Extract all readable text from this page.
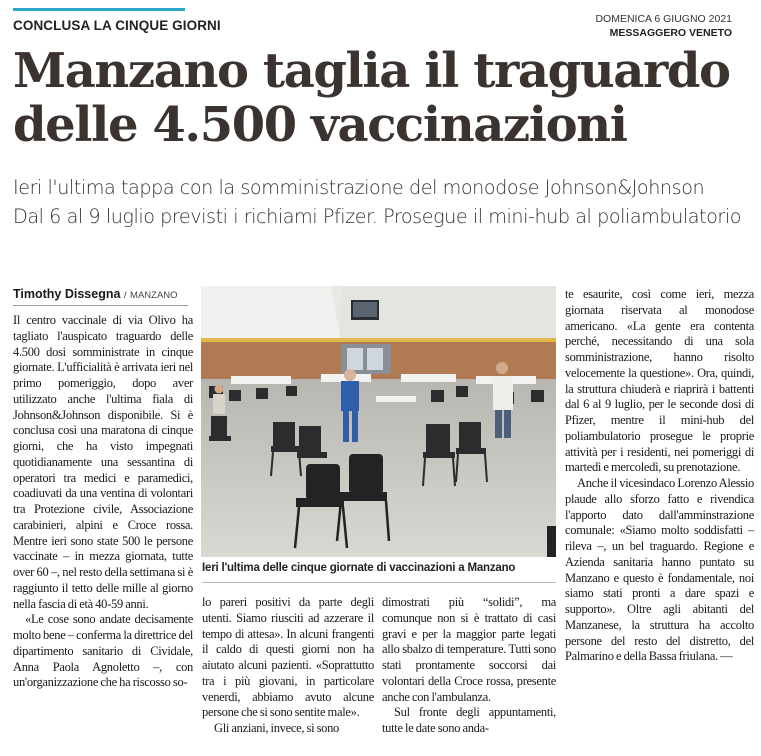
CONCLUSA LA CINQUE GIORNI	DOMENICA 6 GIUGNO 2021
MESSAGGERO VENETO
Manzano taglia il traguardo
delle 4.500 vaccinazioni
Ieri l'ultima tappa con la somministrazione del monodose Johnson&Johnson
Dal 6 al 9 luglio previsti i richiami Pfizer. Prosegue il mini-hub al poliambulatorio
Timothy Dissegna / MANZANO

Il centro vaccinale di via Olivo ha tagliato l'auspicato traguardo delle 4.500 dosi somministrate in cinque giornate. L'ufficialità è arrivata ieri nel primo pomeriggio, dopo aver utilizzato anche l'ultima fiala di Johnson&Johnson disponibile. Si è conclusa così una maratona di cinque giorni, che ha visto impegnati quotidianamente una sessantina di operatori tra medici e paramedici, coadiuvati da una ventina di volontari tra Protezione civile, Associazione carabinieri, alpini e Croce rossa. Mentre ieri sono state 500 le persone vaccinate – in mezza giornata, tutte over 60 –, nel resto della settimana si è raggiunto il tetto delle mille al giorno nella fascia di età 40-59 anni.

«Le cose sono andate decisamente molto bene – conferma la direttrice del dipartimento sanitario di Cividale, Anna Paola Agnoletto –, con un'organizzazione che ha riscosso so-

Ieri l'ultima delle cinque giornate di vaccinazioni a Manzano

lo pareri positivi da parte degli utenti. Siamo riusciti ad azzerare il tempo di attesa». In alcuni frangenti il caldo di questi giorni non ha aiutato alcuni pazienti. «Soprattutto tra i più giovani, in particolare venerdì, abbiamo avuto alcune persone che si sono sentite male».

Gli anziani, invece, si sono

dimostrati più “solidi”, ma comunque non si è trattato di casi gravi e per la maggior parte legati allo sbalzo di temperature. Tutti sono stati prontamente soccorsi dai volontari della Croce rossa, presente anche con l'ambulanza.

Sul fronte degli appuntamenti, tutte le date sono anda-

te esaurite, così come ieri, mezza giornata riservata al monodose americano. «La gente era contenta perché, necessitando di una sola somministrazione, hanno risolto velocemente la questione». Ora, quindi, la struttura chiuderà e riaprirà i battenti dal 6 al 9 luglio, per le seconde dosi di Pfizer, mentre il mini-hub del poliambulatorio prosegue le proprie attività per i residenti, nei pomeriggi di martedì e mercoledì, su prenotazione.

Anche il vicesindaco Lorenzo Alessio plaude allo sforzo fatto e rivendica l'apporto dato dall'amminstrazione comunale: «Siamo molto soddisfatti – rileva –, un bel traguardo. Regione e Azienda sanitaria hanno puntato su Manzano e questo è fondamentale, noi siamo stati pronti a dare spazi e supporto». Oltre agli abitanti del Manzanese, la struttura ha accolto persone del resto del distretto, del Palmarino e della Bassa friulana. —
